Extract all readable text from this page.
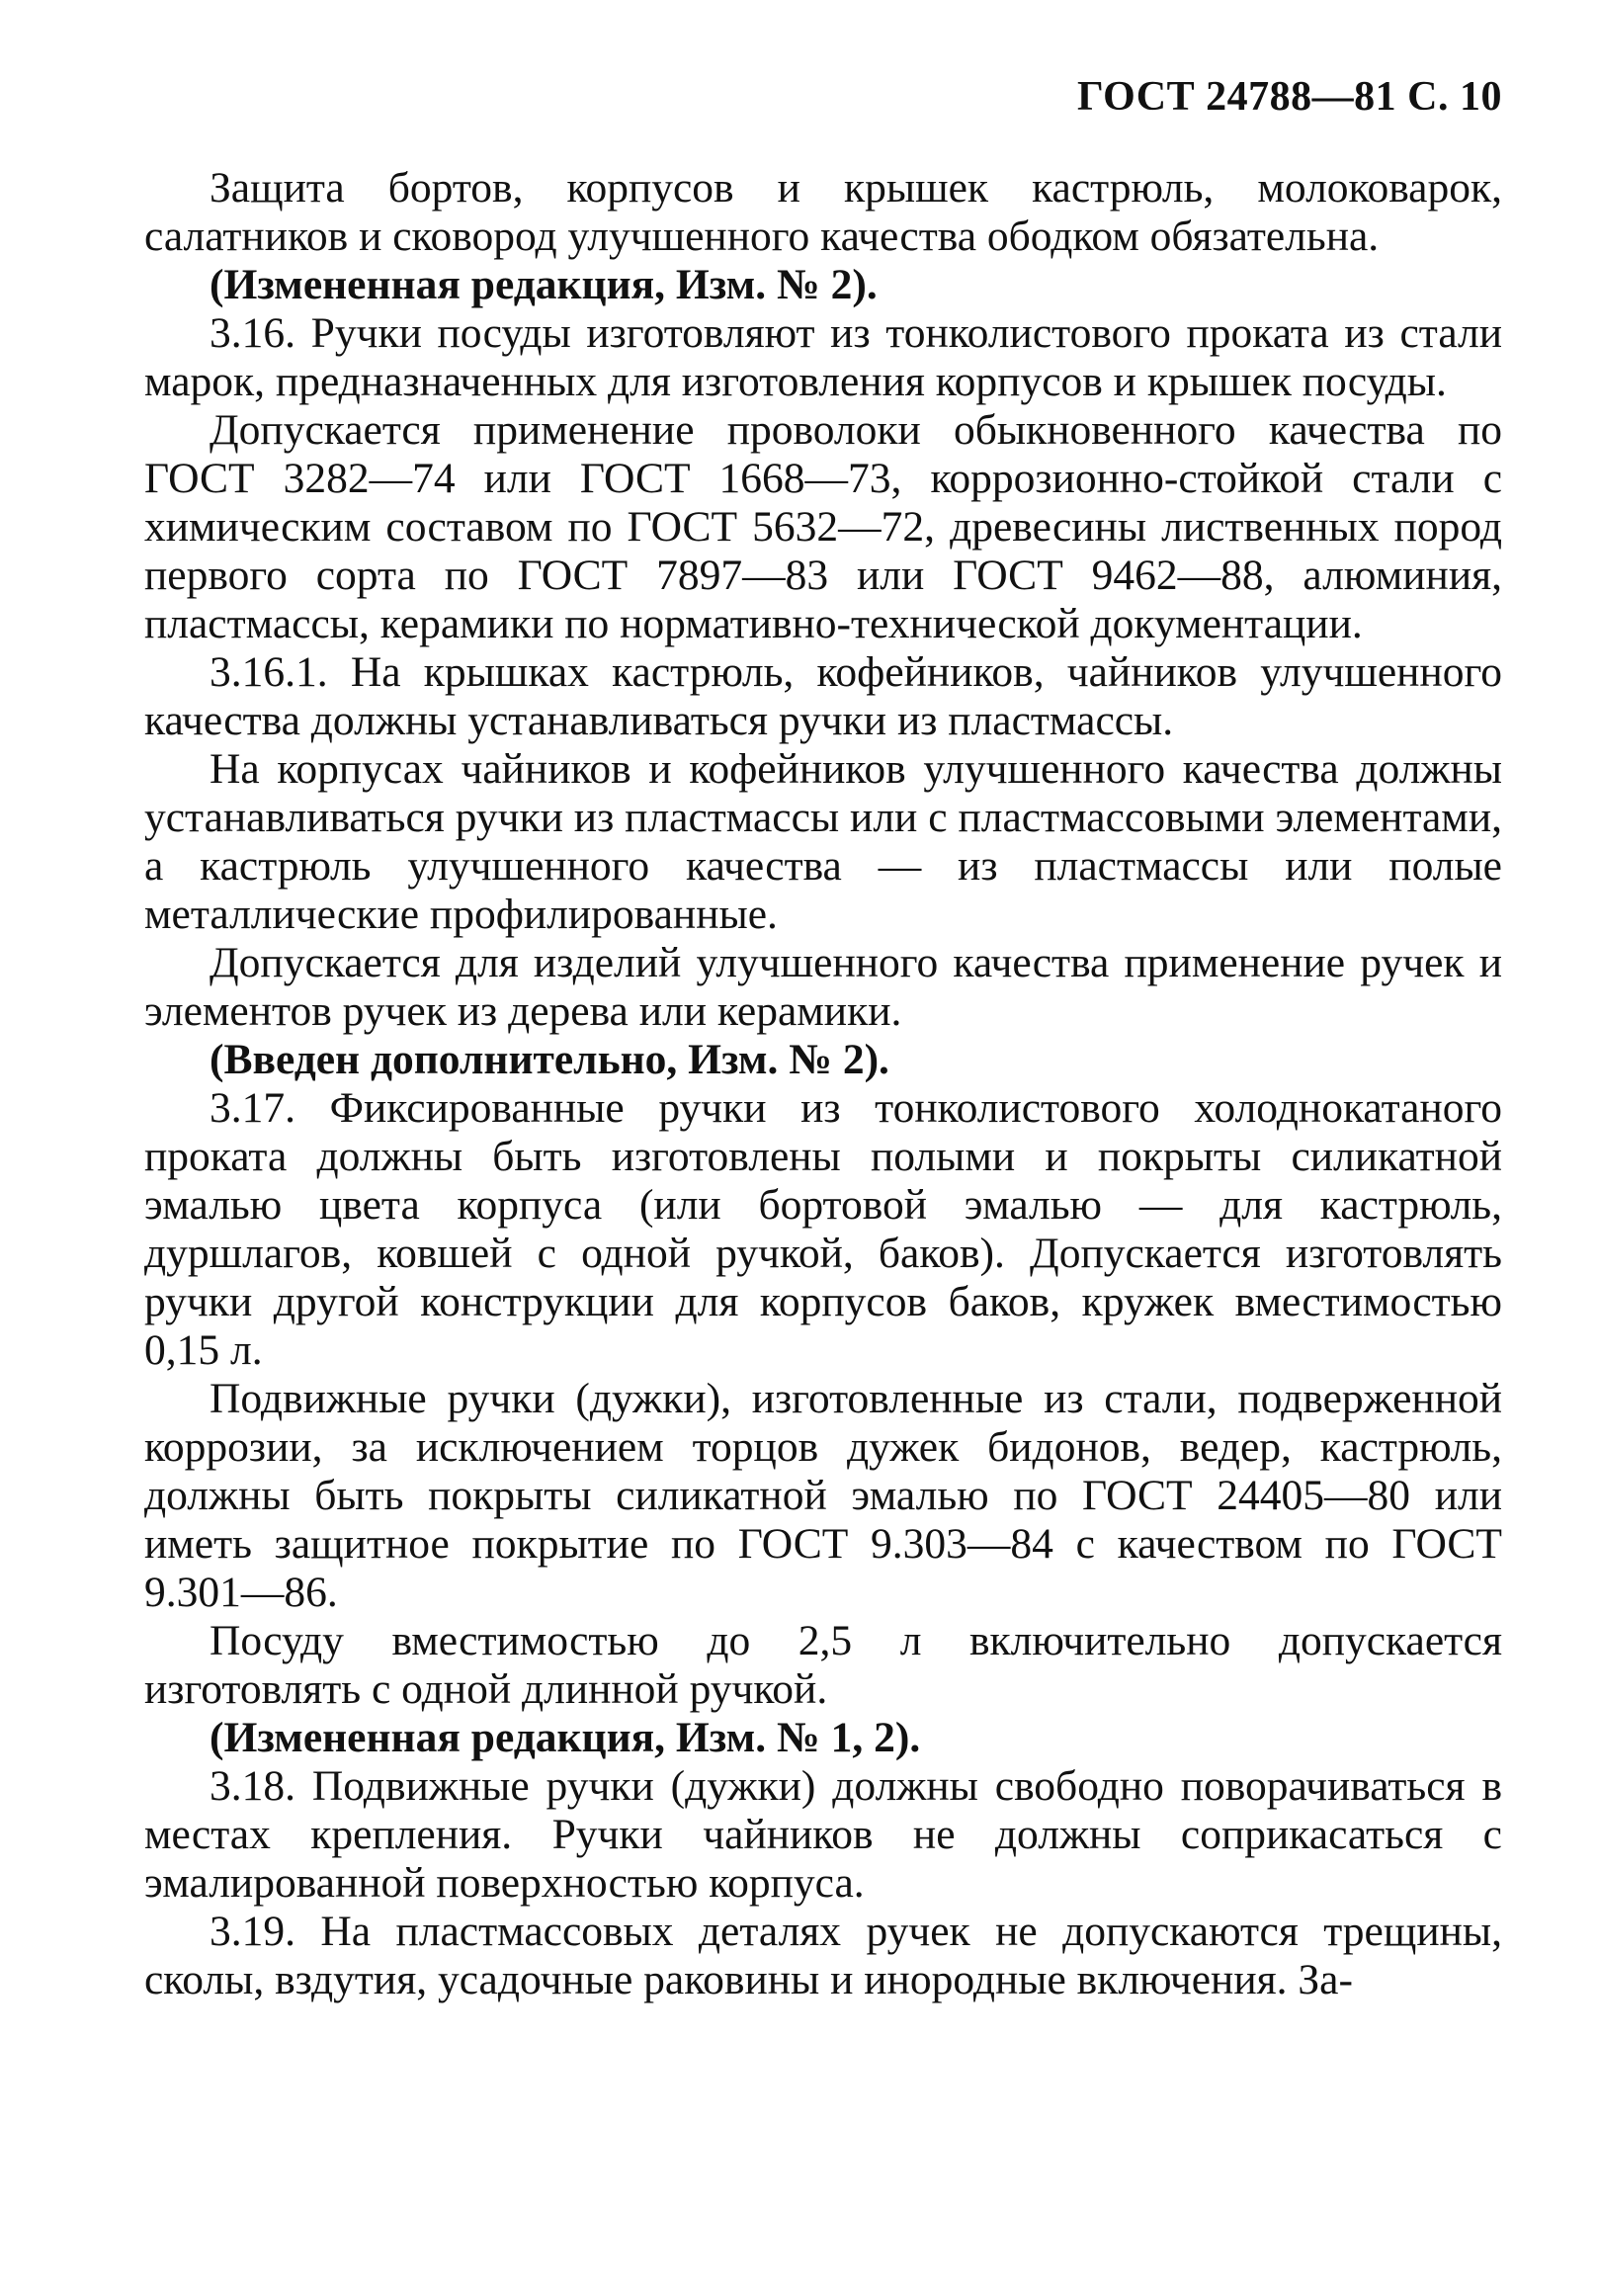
ГОСТ 24788—81 С. 10

Защита бортов, корпусов и крышек кастрюль, молоковарок, салатников и сковород улучшенного качества ободком обязательна.

(Измененная редакция, Изм. № 2).

3.16. Ручки посуды изготовляют из тонколистового проката из стали марок, предназначенных для изготовления корпусов и крышек посуды.

Допускается применение проволоки обыкновенного качества по ГОСТ 3282—74 или ГОСТ 1668—73, коррозионно-стойкой стали с химическим составом по ГОСТ 5632—72, древесины лиственных пород первого сорта по ГОСТ 7897—83 или ГОСТ 9462—88, алюминия, пластмассы, керамики по нормативно-технической документации.

3.16.1. На крышках кастрюль, кофейников, чайников улучшенного качества должны устанавливаться ручки из пластмассы.

На корпусах чайников и кофейников улучшенного качества должны устанавливаться ручки из пластмассы или с пластмассовыми элементами, а кастрюль улучшенного качества — из пластмассы или полые металлические профилированные.

Допускается для изделий улучшенного качества применение ручек и элементов ручек из дерева или керамики.

(Введен дополнительно, Изм. № 2).

3.17. Фиксированные ручки из тонколистового холоднокатаного проката должны быть изготовлены полыми и покрыты силикатной эмалью цвета корпуса (или бортовой эмалью — для кастрюль, дуршлагов, ковшей с одной ручкой, баков). Допускается изготовлять ручки другой конструкции для корпусов баков, кружек вместимостью 0,15 л.

Подвижные ручки (дужки), изготовленные из стали, подверженной коррозии, за исключением торцов дужек бидонов, ведер, кастрюль, должны быть покрыты силикатной эмалью по ГОСТ 24405—80 или иметь защитное покрытие по ГОСТ 9.303—84 с качеством по ГОСТ 9.301—86.

Посуду вместимостью до 2,5 л включительно допускается изготовлять с одной длинной ручкой.

(Измененная редакция, Изм. № 1, 2).

3.18. Подвижные ручки (дужки) должны свободно поворачиваться в местах крепления. Ручки чайников не должны соприкасаться с эмалированной поверхностью корпуса.

3.19. На пластмассовых деталях ручек не допускаются трещины, сколы, вздутия, усадочные раковины и инородные включения. За-
